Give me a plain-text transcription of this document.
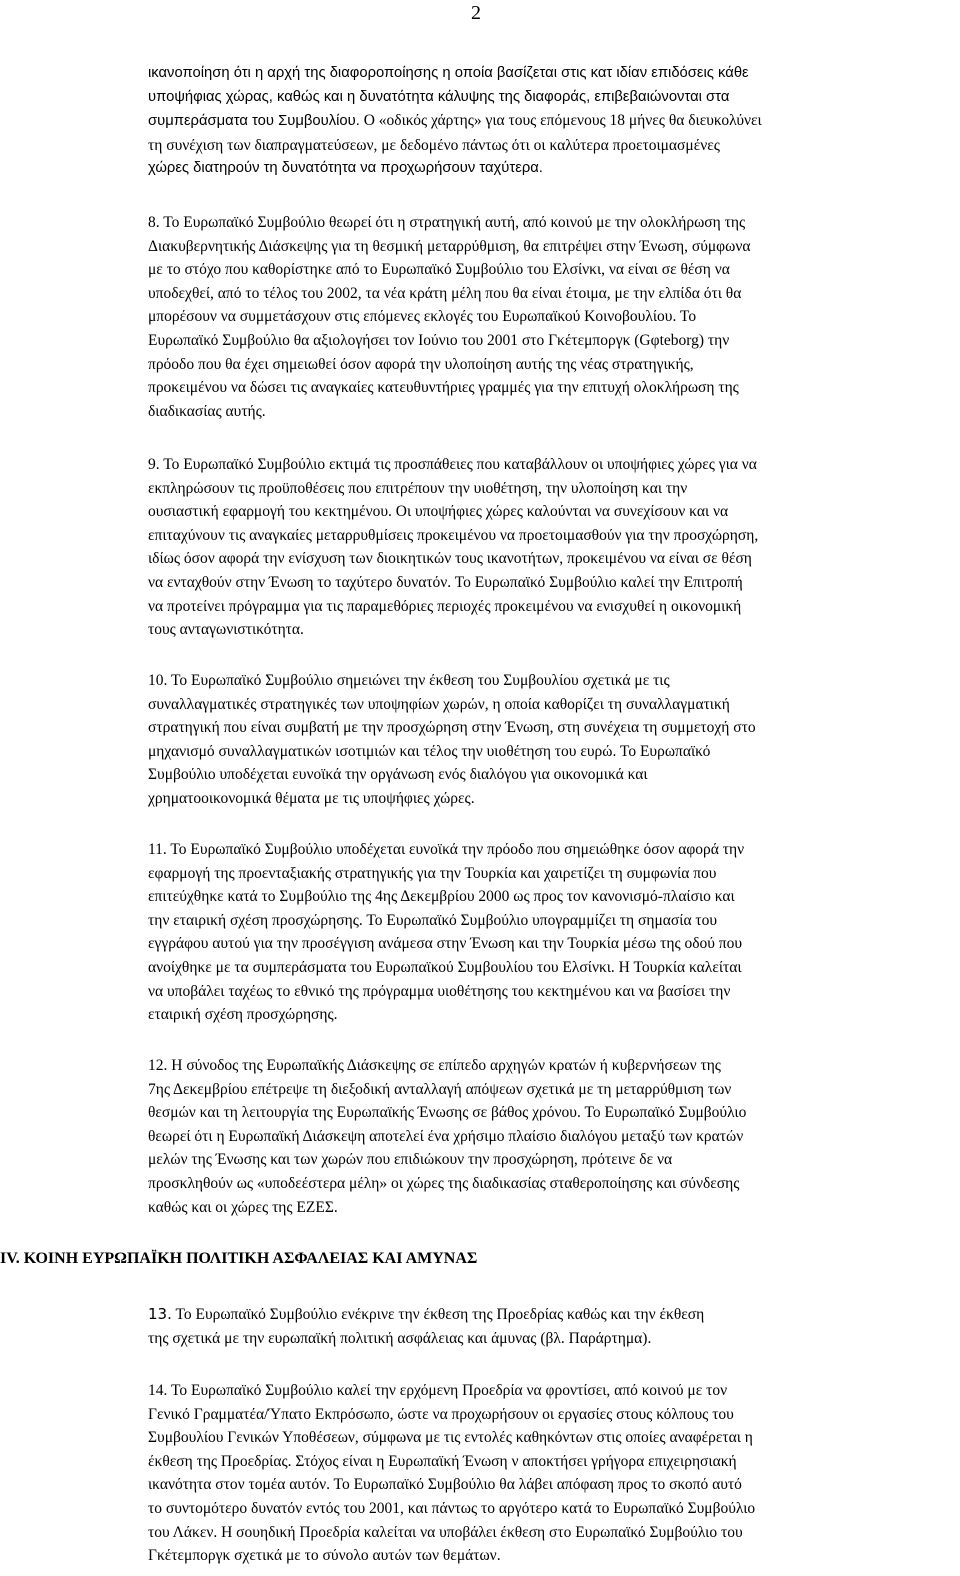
2
ικανοποίηση ότι η αρχή της διαφοροποίησης η οποία βασίζεται στις κατ ιδίαν επιδόσεις κάθε
υποψήφιας χώρας, καθώς και η δυνατότητα κάλυψης της διαφοράς, επιβεβαιώνονται στα
συμπεράσματα του Συμβουλίου. Ο «οδικός χάρτης» για τους επόμενους 18 μήνες θα διευκολύνει
τη συνέχιση των διαπραγματεύσεων, με δεδομένο πάντως ότι οι καλύτερα προετοιμασμένες
χώρες διατηρούν τη δυνατότητα να προχωρήσουν ταχύτερα.
8. Το Ευρωπαϊκό Συμβούλιο θεωρεί ότι η στρατηγική αυτή, από κοινού με την ολοκλήρωση της
Διακυβερνητικής Διάσκεψης για τη θεσμική μεταρρύθμιση, θα επιτρέψει στην Ένωση, σύμφωνα
με το στόχο που καθορίστηκε από το Ευρωπαϊκό Συμβούλιο του Ελσίνκι, να είναι σε θέση να
υποδεχθεί, από το τέλος του 2002, τα νέα κράτη μέλη που θα είναι έτοιμα, με την ελπίδα ότι θα
μπορέσουν να συμμετάσχουν στις επόμενες εκλογές του Ευρωπαϊκού Κοινοβουλίου. Το
Ευρωπαϊκό Συμβούλιο θα αξιολογήσει τον Ιούνιο του 2001 στο Γκέτεμποργκ (Gφteborg) την
πρόοδο που θα έχει σημειωθεί όσον αφορά την υλοποίηση αυτής της νέας στρατηγικής,
προκειμένου να δώσει τις αναγκαίες κατευθυντήριες γραμμές για την επιτυχή ολοκλήρωση της
διαδικασίας αυτής.
9. Το Ευρωπαϊκό Συμβούλιο εκτιμά τις προσπάθειες που καταβάλλουν οι υποψήφιες χώρες για να
εκπληρώσουν τις προϋποθέσεις που επιτρέπουν την υιοθέτηση, την υλοποίηση και την
ουσιαστική εφαρμογή του κεκτημένου. Οι υποψήφιες χώρες καλούνται να συνεχίσουν και να
επιταχύνουν τις αναγκαίες μεταρρυθμίσεις προκειμένου να προετοιμασθούν για την προσχώρηση,
ιδίως όσον αφορά την ενίσχυση των διοικητικών τους ικανοτήτων, προκειμένου να είναι σε θέση
να ενταχθούν στην Ένωση το ταχύτερο δυνατόν. Το Ευρωπαϊκό Συμβούλιο καλεί την Επιτροπή
να προτείνει πρόγραμμα για τις παραμεθόριες περιοχές προκειμένου να ενισχυθεί η οικονομική
τους ανταγωνιστικότητα.
10. Το Ευρωπαϊκό Συμβούλιο σημειώνει την έκθεση του Συμβουλίου σχετικά με τις
συναλλαγματικές στρατηγικές των υποψηφίων χωρών, η οποία καθορίζει τη συναλλαγματική
στρατηγική που είναι συμβατή με την προσχώρηση στην Ένωση, στη συνέχεια τη συμμετοχή στο
μηχανισμό συναλλαγματικών ισοτιμιών και τέλος την υιοθέτηση του ευρώ. Το Ευρωπαϊκό
Συμβούλιο υποδέχεται ευνοϊκά την οργάνωση ενός διαλόγου για οικονομικά και
χρηματοοικονομικά θέματα με τις υποψήφιες χώρες.
11. Το Ευρωπαϊκό Συμβούλιο υποδέχεται ευνοϊκά την πρόοδο που σημειώθηκε όσον αφορά την
εφαρμογή της προενταξιακής στρατηγικής για την Τουρκία και χαιρετίζει τη συμφωνία που
επιτεύχθηκε κατά το Συμβούλιο της 4ης Δεκεμβρίου 2000 ως προς τον κανονισμό-πλαίσιο και
την εταιρική σχέση προσχώρησης. Το Ευρωπαϊκό Συμβούλιο υπογραμμίζει τη σημασία του
εγγράφου αυτού για την προσέγγιση ανάμεσα στην Ένωση και την Τουρκία μέσω της οδού που
ανοίχθηκε με τα συμπεράσματα του Ευρωπαϊκού Συμβουλίου του Ελσίνκι. Η Τουρκία καλείται
να υποβάλει ταχέως το εθνικό της πρόγραμμα υιοθέτησης του κεκτημένου και να βασίσει την
εταιρική σχέση προσχώρησης.
12. Η σύνοδος της Ευρωπαϊκής Διάσκεψης σε επίπεδο αρχηγών κρατών ή κυβερνήσεων της
7ης Δεκεμβρίου επέτρεψε τη διεξοδική ανταλλαγή απόψεων σχετικά με τη μεταρρύθμιση των
θεσμών και τη λειτουργία της Ευρωπαϊκής Ένωσης σε βάθος χρόνου. Το Ευρωπαϊκό Συμβούλιο
θεωρεί ότι η Ευρωπαϊκή Διάσκεψη αποτελεί ένα χρήσιμο πλαίσιο διαλόγου μεταξύ των κρατών
μελών της Ένωσης και των χωρών που επιδιώκουν την προσχώρηση, πρότεινε δε να
προσκληθούν ως «υποδεέστερα μέλη» οι χώρες της διαδικασίας σταθεροποίησης και σύνδεσης
καθώς και οι χώρες της ΕΖΕΣ.
IV. ΚΟΙΝΗ ΕΥΡΩΠΑΪΚΗ ΠΟΛΙΤΙΚΗ ΑΣΦΑΛΕΙΑΣ ΚΑΙ ΑΜΥΝΑΣ
13. Το Ευρωπαϊκό Συμβούλιο ενέκρινε την έκθεση της Προεδρίας καθώς και την έκθεση
της σχετικά με την ευρωπαϊκή πολιτική ασφάλειας και άμυνας (βλ. Παράρτημα).
14. Το Ευρωπαϊκό Συμβούλιο καλεί την ερχόμενη Προεδρία να φροντίσει, από κοινού με τον
Γενικό Γραμματέα/Ύπατο Εκπρόσωπο, ώστε να προχωρήσουν οι εργασίες στους κόλπους του
Συμβουλίου Γενικών Υποθέσεων, σύμφωνα με τις εντολές καθηκόντων στις οποίες αναφέρεται η
έκθεση της Προεδρίας. Στόχος είναι η Ευρωπαϊκή Ένωση ν αποκτήσει γρήγορα επιχειρησιακή
ικανότητα στον τομέα αυτόν. Το Ευρωπαϊκό Συμβούλιο θα λάβει απόφαση προς το σκοπό αυτό
το συντομότερο δυνατόν εντός του 2001, και πάντως το αργότερο κατά το Ευρωπαϊκό Συμβούλιο
του Λάκεν. Η σουηδική Προεδρία καλείται να υποβάλει έκθεση στο Ευρωπαϊκό Συμβούλιο του
Γκέτεμποργκ σχετικά με το σύνολο αυτών των θεμάτων.
